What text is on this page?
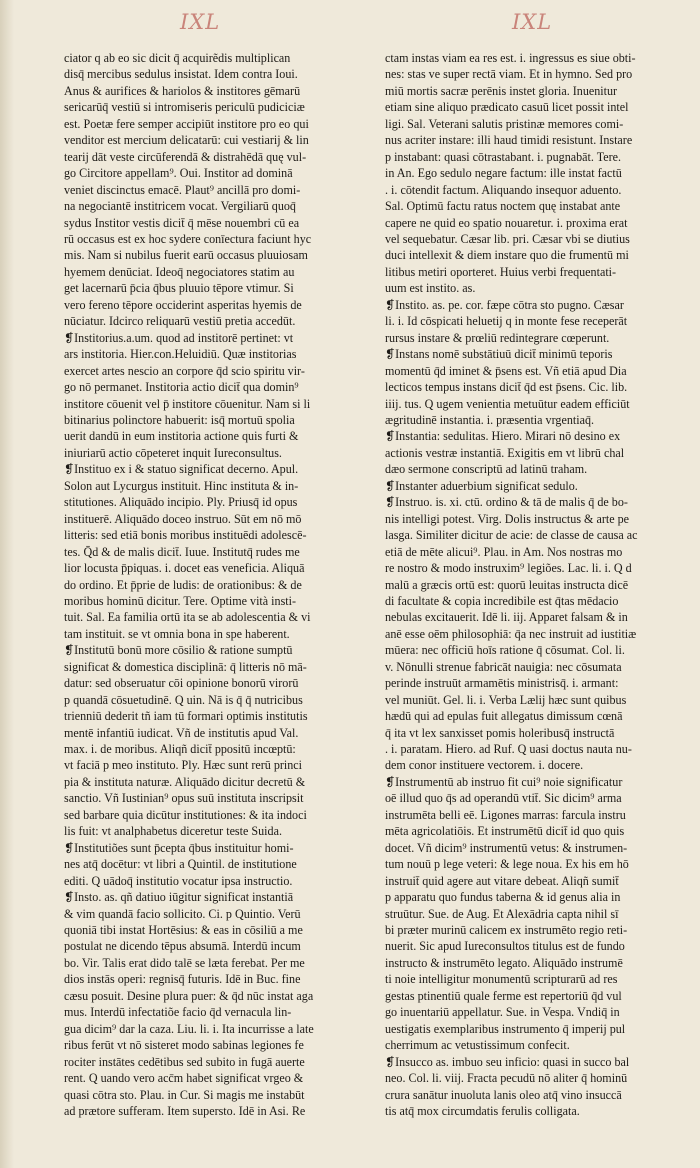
IXL	IXL
ciator q ab eo sic dicit q̄ acquirẽdis multiplican
disq̄ mercibus sedulus insistat. Idem contra Ioui.
Anus & aurifices & hariolos & institores gēmarū
sericarūq̄ vestiū si intromiseris periculū pudiciciæ
est. Poetæ fere semper accipiūt institore pro eo qui
venditor est mercium delicatarū: cui vestiarij & lin
tearij dāt veste circūferendā & distrahēdā quę vul-
go Circitore appellam⁹. Oui. Institor ad dominā
veniet discinctus emacē. Plaut⁹ ancillā pro domi-
na negociantē institricem vocat. Vergiliarū quoq̄
sydus Institor vestis dicit̄ q̄ mēse nouembri cū ea
rū occasus est ex hoc sydere conīectura faciunt hyc
mis. Nam si nubilus fuerit earū occasus pluuiosam
hyemem denūciat. Ideoq̄ negociatores statim au
get lacernarū p̄cia q̄bus pluuio tēpore vtimur. Si
vero fereno tēpore occiderint asperitas hyemis de
nūciatur. Idcirco reliquarū vestiū pretia accedūt.
❡Institorius.a.um. quod ad institorē pertinet: vt
ars institoria. Hier.con.Heluidiū. Quæ institorias
exercet artes nescio an corpore q̄d scio spiritu vir-
go nō permanet. Institoria actio dicit̄ qua domin⁹
institore cōuenit vel p̄ institore cōuenitur. Nam si li
bitinarius polinctore habuerit: isq̄ mortuū spolia
uerit dandū in eum institoria actione quis furti &
iniuriarū actio cōpeteret inquit Iureconsultus.
❡Instituo ex i & statuo significat decerno. Apul.
Solon aut Lycurgus instituit. Hinc instituta & in-
stitutiones. Aliquādo incipio. Ply. Priusq̄ id opus
instituerē. Aliquādo doceo instruo. Sūt em nō mō
litteris: sed etiā bonis moribus instituēdi adolescē-
tes. Q̄d & de malis dicit̄. Iuue. Institutq̄ rudes me
lior locusta p̄piquas. i. docet eas veneficia. Aliquā
do ordino. Et p̄prie de ludis: de orationibus: & de
moribus hominū dicitur. Tere. Optime vità insti-
tuit. Sal. Ea familia ortū ita se ab adolescentia & vi
tam instituit. se vt omnia bona in spe haberent.
❡Institutū bonū more cōsilio & ratione sumptū
significat & domestica disciplinā: q̄ litteris nō mā-
datur: sed obseruatur cōi opinione bonorū virorū
p quandā cōsuetudinē. Q uin. Nā is q̄ q̄ nutricibus
trienniū dederit tñ iam tū formari optimis institutis
mentē infantiū iudicat. Vñ de institutis apud Val.
max. i. de moribus. Aliqñ dicit̄ ppositū incœptū:
vt faciā p meo instituto. Ply. Hæc sunt rerū princi
pia & instituta naturæ. Aliquādo dicitur decretū &
sanctio. Vñ Iustinian⁹ opus suū instituta inscripsit
sed barbare quia dicūtur institutiones: & ita indoci
lis fuit: vt analphabetus diceretur teste Suida.
❡Institutiões sunt p̄cepta q̄bus instituitur homi-
nes atq̄ docētur: vt libri a Quintil. de institutione
editi. Q uādoq̄ institutio vocatur ipsa instructio.
❡Insto. as. qñ datiuo iūgitur significat instantiā
& vim quandā facio sollicito. Ci. p Quintio. Verū
quoniā tibi instat Hortēsius: & eas in cōsiliū a me
postulat ne dicendo tēpus absumā. Interdū incum
bo. Vir. Talis erat dido talē se læta ferebat. Per me
dios instās operi: regnisq̄ futuris. Idē in Buc. fine
cæsu posuit. Desine plura puer: & q̄d nūc instat aga
mus. Interdū infectatiõe facio q̄d vernacula lin-
gua dicim⁹ dar la caza. Liu. li. i. Ita incurrisse a late
ribus ferūt vt nō sisteret modo sabinas legiones fe
rociter instātes cedētibus sed subito in fugā auerte
rent. Q uando vero acc̄m habet significat vrgeo &
quasi cōtra sto. Plau. in Cur. Si magis me instabūt
ad prætore sufferam. Item supersto. Idē in Asi. Re
ctam instas viam ea res est. i. ingressus es siue obti-
nes: stas ve super rectā viam. Et in hymno. Sed pro
miū mortis sacræ perēnis instet gloria. Inuenitur
etiam sine aliquo prædicato casuū licet possit intel
ligi. Sal. Veterani salutis pristinæ memores comi-
nus acriter instare: illi haud timidi resistunt. Instare
p instabant: quasi cōtrastabant. i. pugnabāt. Tere.
in An. Ego sedulo negare factum: ille instat factū
. i. cōtendit factum. Aliquando insequor aduento.
Sal. Optimū factu ratus noctem quę instabat ante
capere ne quid eo spatio nouaretur. i. proxima erat
vel sequebatur. Cæsar lib. pri. Cæsar vbi se diutius
duci intellexit & diem instare quo die frumentū mi
litibus metiri oporteret. Huius verbi frequentati-
uum est instito. as.
❡Instito. as. pe. cor. fæpe cōtra sto pugno. Cæsar
li. i. Id cōspicati heluetij q in monte fese receperāt
rursus instare & prœliū redintegrare cœperunt.
❡Instans nomē substātiuū dicit̄ minimū teporis
momentū q̄d iminet & p̄sens est. Vñ etiā apud Dia
lecticos tempus instans dicit̄ q̄d est p̄sens. Cic. lib.
iiij. tus. Q ugem venientia metuūtur eadem efficiūt
ægritudinē instantia. i. præsentia vrgentiaq̄.
❡Instantia: sedulitas. Hiero. Mirari nō desino ex
actionis vestræ instantiā. Exigitis em vt librū chal
dæo sermone conscriptū ad latinū traham.
❡Instanter aduerbium significat sedulo.
❡Instruo. is. xi. ctū. ordino & tā de malis q̄ de bo-
nis intelligi potest. Virg. Dolis instructus & arte pe
lasga. Similiter dicitur de acie: de classe de causa ac
etiā de mēte alicui⁹. Plau. in Am. Nos nostras mo
re nostro & modo instruxim⁹ legiões. Lac. li. i. Q d
malū a græcis ortū est: quorū leuitas instructa dicē
di facultate & copia incredibile est q̄tas mēdacio
nebulas excitauerit. Idē li. iij. Apparet falsam & in
anē esse oēm philosophiā: q̄a nec instruit ad iustitiæ
mūera: nec officiū hoīs ratione q̄ cōsumat. Col. li.
v. Nōnulli strenue fabricāt nauigia: nec cōsumata
perinde instruūt armamētis ministrisq̄. i. armant:
vel muniūt. Gel. li. i. Verba Lælij hæc sunt quibus
hædū qui ad epulas fuit allegatus dimissum cœnā
q̄ ita vt lex sanxisset pomis holeribusq̄ instructā
. i. paratam. Hiero. ad Ruf. Q uasi doctus nauta nu-
dem conor instituere vectorem. i. docere.
❡Instrumentū ab instruo fit cui⁹ noie significatur
oē illud quo q̄s ad operandū vtit̄. Sic dicim⁹ arma
instrumēta belli eē. Ligones marras: farcula instru
mēta agricolatiōis. Et instrumētū dicit̄ id quo quis
docet. Vñ dicim⁹ instrumentū vetus: & instrumen-
tum nouū p lege veteri: & lege noua. Ex his em hō
instruit̄ quid agere aut vitare debeat. Aliqñ sumit̄
p apparatu quo fundus taberna & id genus alia in
struūtur. Sue. de Aug. Et Alexādria capta nihil sī
bi præter murinū calicem ex instrumēto regio reti-
nuerit. Sic apud Iureconsultos titulus est de fundo
instructo & instrumēto legato. Aliquādo instrumē
ti noie intelligitur monumentū scripturarū ad res
gestas ptinentiū quale ferme est repertoriū q̄d vul
go inuentariū appellatur. Sue. in Vespa. Vndiq̄ in
uestigatis exemplaribus instrumento q̄ imperij pul
cherrimum ac vetustissimum confecit.
❡Insucco as. imbuo seu inficio: quasi in succo bal
neo. Col. li. viij. Fracta pecudū nō aliter q̄ hominū
crura sanātur inuoluta lanis oleo atq̄ vino insuccā
tis atq̄ mox circumdatis ferulis colligata.
